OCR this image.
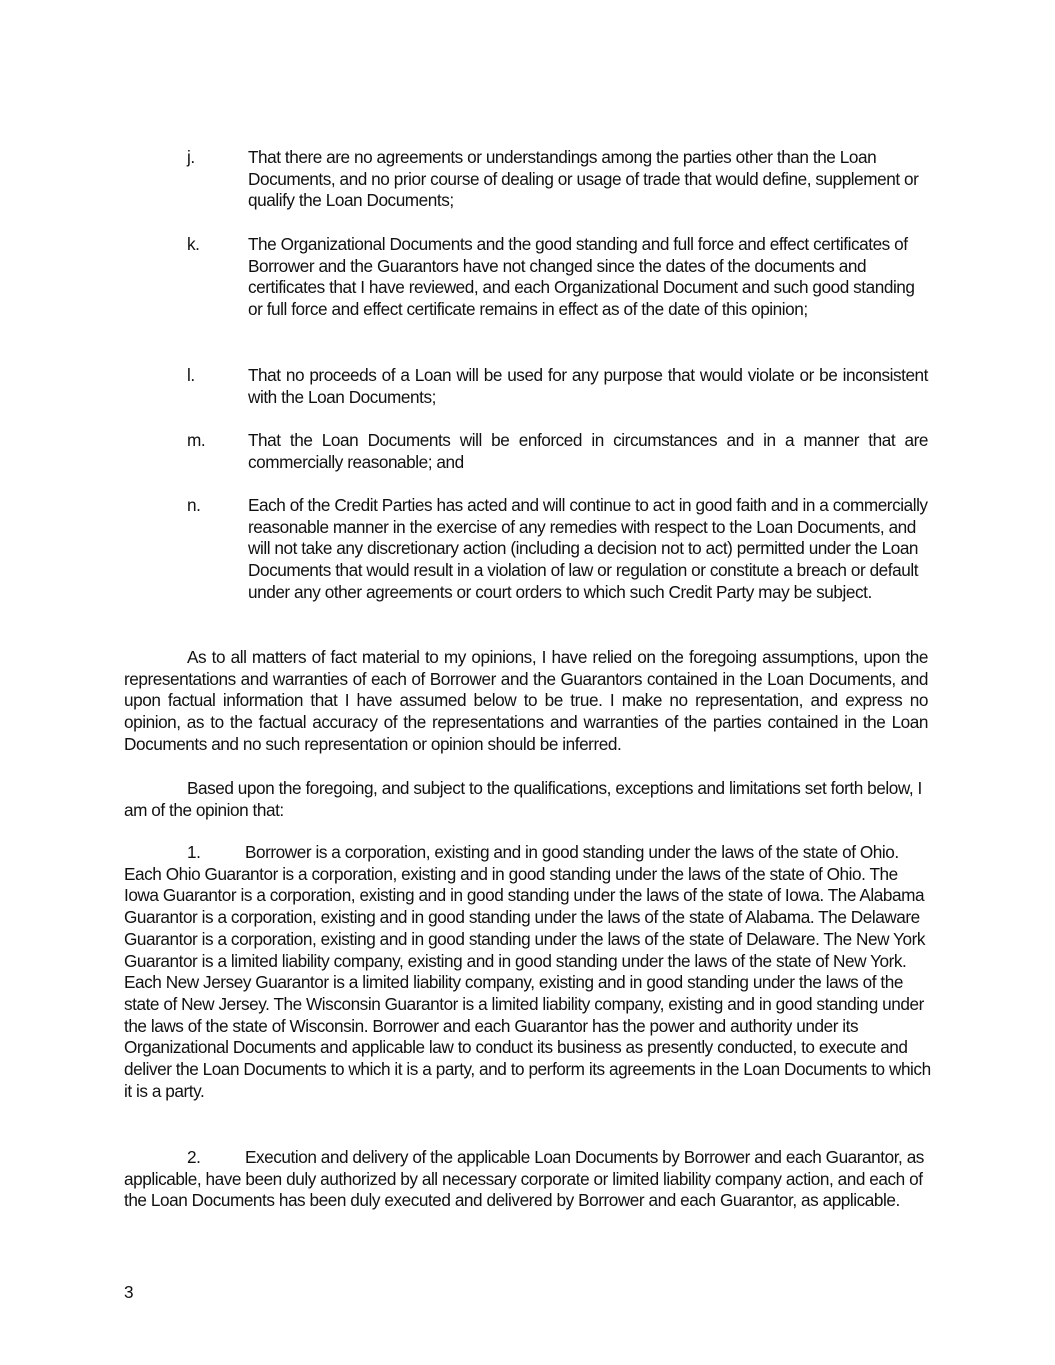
j.	That there are no agreements or understandings among the parties other than the Loan Documents, and no prior course of dealing or usage of trade that would define, supplement or qualify the Loan Documents;
k.	The Organizational Documents and the good standing and full force and effect certificates of Borrower and the Guarantors have not changed since the dates of the documents and certificates that I have reviewed, and each Organizational Document and such good standing or full force and effect certificate remains in effect as of the date of this opinion;
l.	That no proceeds of a Loan will be used for any purpose that would violate or be inconsistent with the Loan Documents;
m. That the Loan Documents will be enforced in circumstances and in a manner that are commercially reasonable; and
n.	Each of the Credit Parties has acted and will continue to act in good faith and in a commercially reasonable manner in the exercise of any remedies with respect to the Loan Documents, and will not take any discretionary action (including a decision not to act) permitted under the Loan Documents that would result in a violation of law or regulation or constitute a breach or default under any other agreements or court orders to which such Credit Party may be subject.

As to all matters of fact material to my opinions, I have relied on the foregoing assumptions, upon the representations and warranties of each of Borrower and the Guarantors contained in the Loan Documents, and upon factual information that I have assumed below to be true. I make no representation, and express no opinion, as to the factual accuracy of the representations and warranties of the parties contained in the Loan Documents and no such representation or opinion should be inferred.

Based upon the foregoing, and subject to the qualifications, exceptions and limitations set forth below, I am of the opinion that:

1.	Borrower is a corporation, existing and in good standing under the laws of the state of Ohio. Each Ohio Guarantor is a corporation, existing and in good standing under the laws of the state of Ohio. The Iowa Guarantor is a corporation, existing and in good standing under the laws of the state of Iowa. The Alabama Guarantor is a corporation, existing and in good standing under the laws of the state of Alabama. The Delaware Guarantor is a corporation, existing and in good standing under the laws of the state of Delaware. The New York Guarantor is a limited liability company, existing and in good standing under the laws of the state of New York. Each New Jersey Guarantor is a limited liability company, existing and in good standing under the laws of the state of New Jersey. The Wisconsin Guarantor is a limited liability company, existing and in good standing under the laws of the state of Wisconsin. Borrower and each Guarantor has the power and authority under its Organizational Documents and applicable law to conduct its business as presently conducted, to execute and deliver the Loan Documents to which it is a party, and to perform its agreements in the Loan Documents to which it is a party.

2.	Execution and delivery of the applicable Loan Documents by Borrower and each Guarantor, as applicable, have been duly authorized by all necessary corporate or limited liability company action, and each of the Loan Documents has been duly executed and delivered by Borrower and each Guarantor, as applicable.

3
